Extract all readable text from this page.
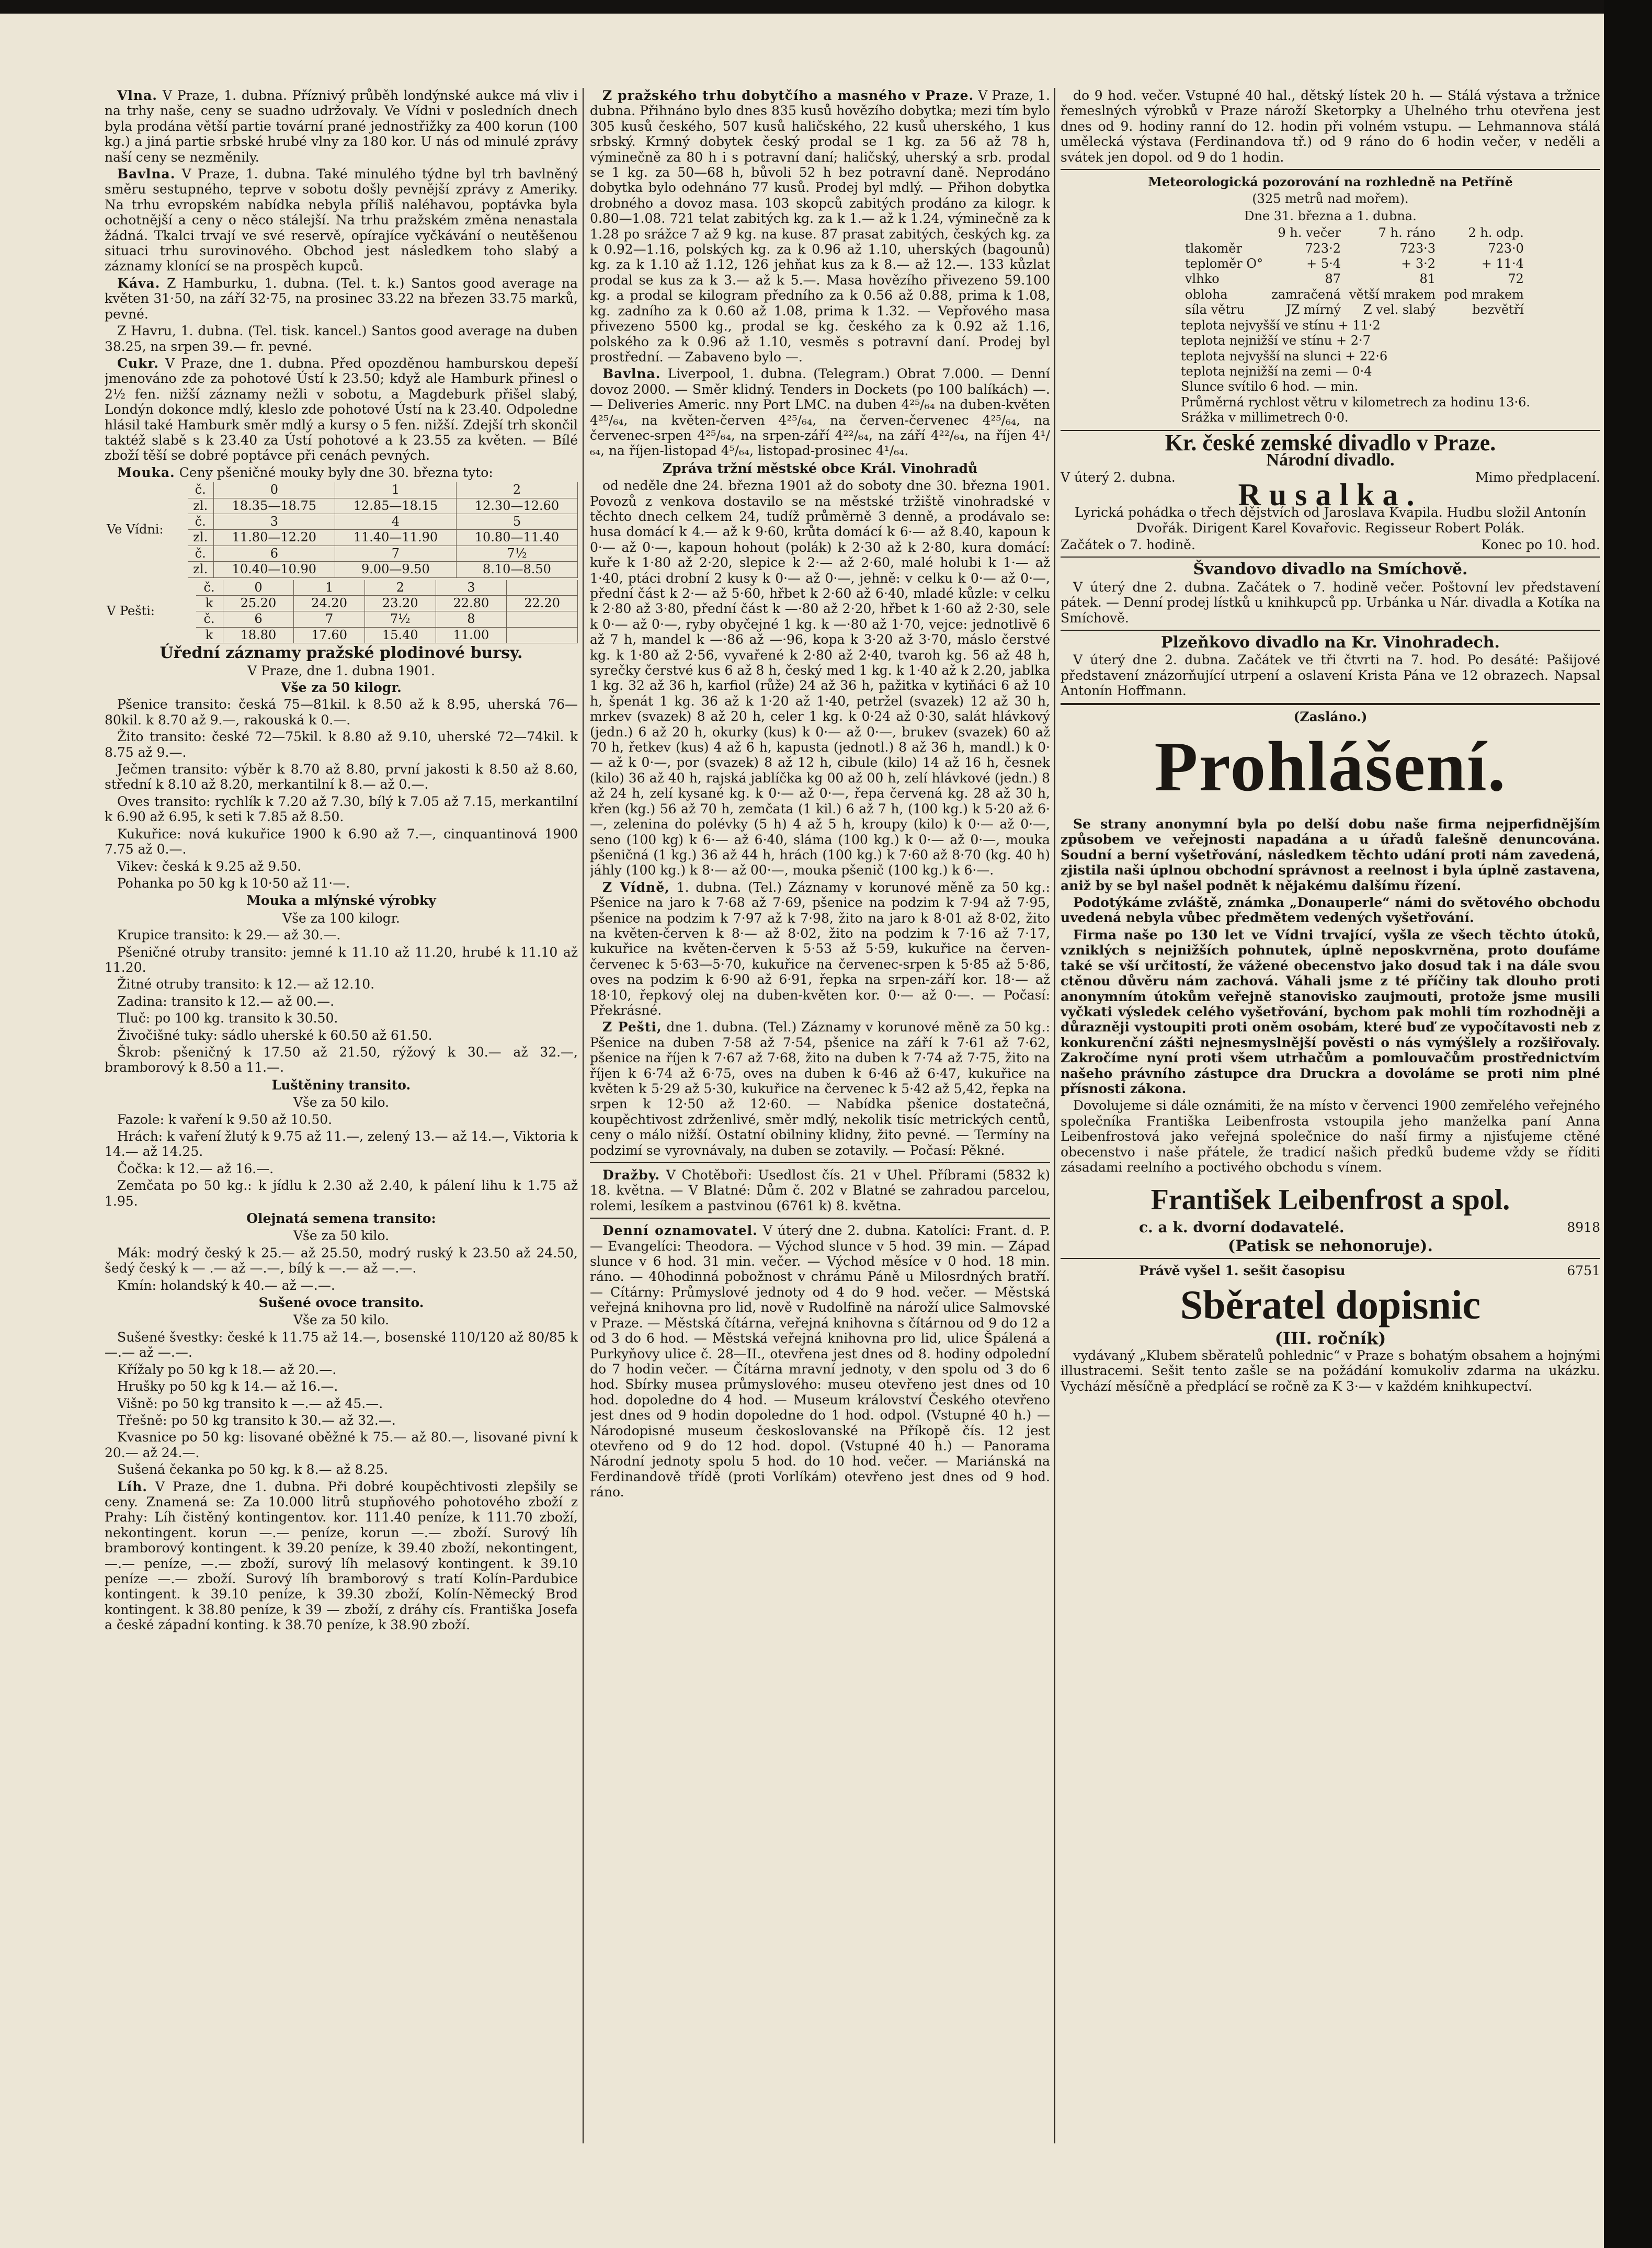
Vlna. V Praze, 1. dubna. Příznivý průběh londýnské aukce má vliv i na trhy naše, ceny se suadno udržovaly. Ve Vídni v posledních dnech byla prodána větší partie tovární prané jednostřižky za 400 korun (100 kg.) a jiná partie srbské hrubé vlny za 180 kor. U nás od minulé zprávy naší ceny se nezměnily.

Bavlna. V Praze, 1. dubna. Také minulého týdne byl trh bavlněný směru sestupného, teprve v sobotu došly pevnější zprávy z Ameriky. Na trhu evropském nabídka nebyla příliš naléhavou, poptávka byla ochotnější a ceny o něco stálejší. Na trhu pražském změna nenastala žádná. Tkalci trvají ve své reservě, opírajíce vyčkávání o neutěšenou situaci trhu surovinového. Obchod jest následkem toho slabý a záznamy klonící se na prospěch kupců.

Káva. Z Hamburku, 1. dubna. (Tel. t. k.) Santos good average na květen 31·50, na září 32·75, na prosinec 33.22 na březen 33.75 marků, pevné.

Z Havru, 1. dubna. (Tel. tisk. kancel.) Santos good average na duben 38.25, na srpen 39.— fr. pevné.

Cukr. V Praze, dne 1. dubna. Před opozděnou hamburskou depeší jmenováno zde za pohotové Ústí k 23.50; když ale Hamburk přinesl o 2½ fen. nižší záznamy nežli v sobotu, a Magdeburk přišel slabý, Londýn dokonce mdlý, kleslo zde pohotové Ústí na k 23.40. Odpoledne hlásil také Hamburk směr mdlý a kursy o 5 fen. nižší. Zdejší trh skončil taktéž slabě s k 23.40 za Ústí pohotové a k 23.55 za květen. — Bílé zboží těší se dobré poptávce při cenách pevných.

Mouka. Ceny pšeničné mouky byly dne 30. března tyto:

Ve Vídni:	č.	0	1	2
	zl.	18.35—18.75	12.85—18.15	12.30—12.60
	č.	3	4	5
	zl.	11.80—12.20	11.40—11.90	10.80—11.40
	č.	6	7	7½
	zl.	10.40—10.90	9.00—9.50	8.10—8.50
V Pešti:	č.	0	1	2	3	
	k	25.20	24.20	23.20	22.80	22.20
	č.	6	7	7½	8	
	k	18.80	17.60	15.40	11.00	

Úřední záznamy pražské plodinové bursy.

V Praze, dne 1. dubna 1901.

Vše za 50 kilogr.

Pšenice transito: česká 75—81kil. k 8.50 až k 8.95, uherská 76—80kil. k 8.70 až 9.—, rakouská k 0.—.

Žito transito: české 72—75kil. k 8.80 až 9.10, uherské 72—74kil. k 8.75 až 9.—.

Ječmen transito: výběr k 8.70 až 8.80, první jakosti k 8.50 až 8.60, střední k 8.10 až 8.20, merkantilní k 8.— až 0.—.

Oves transito: rychlík k 7.20 až 7.30, bílý k 7.05 až 7.15, merkantilní k 6.90 až 6.95, k seti k 7.85 až 8.50.

Kukuřice: nová kukuřice 1900 k 6.90 až 7.—, cinquantinová 1900 7.75 až 0.—.

Vikev: česká k 9.25 až 9.50.

Pohanka po 50 kg k 10·50 až 11·—.

Mouka a mlýnské výrobky

Vše za 100 kilogr.

Krupice transito: k 29.— až 30.—.

Pšeničné otruby transito: jemné k 11.10 až 11.20, hrubé k 11.10 až 11.20.

Žitné otruby transito: k 12.— až 12.10.

Zadina: transito k 12.— až 00.—.

Tluč: po 100 kg. transito k 30.50.

Živočišné tuky: sádlo uherské k 60.50 až 61.50.

Škrob: pšeničný k 17.50 až 21.50, rýžový k 30.— až 32.—, bramborový k 8.50 a 11.—.

Luštěniny transito.

Vše za 50 kilo.

Fazole: k vaření k 9.50 až 10.50.

Hrách: k vaření žlutý k 9.75 až 11.—, zelený 13.— až 14.—, Viktoria k 14.— až 14.25.

Čočka: k 12.— až 16.—.

Zemčata po 50 kg.: k jídlu k 2.30 až 2.40, k pálení lihu k 1.75 až 1.95.

Olejnatá semena transito:

Vše za 50 kilo.

Mák: modrý český k 25.— až 25.50, modrý ruský k 23.50 až 24.50, šedý český k — .— až —.—, bílý k —.— až —.—.

Kmín: holandský k 40.— až —.—.

Sušené ovoce transito.

Vše za 50 kilo.

Sušené švestky: české k 11.75 až 14.—, bosenské 110/120 až 80/85 k —.— až —.—.

Křížaly po 50 kg k 18.— až 20.—.

Hrušky po 50 kg k 14.— až 16.—.

Višně: po 50 kg transito k —.— až 45.—.

Třešně: po 50 kg transito k 30.— až 32.—.

Kvasnice po 50 kg: lisované oběžné k 75.— až 80.—, lisované pivní k 20.— až 24.—.

Sušená čekanka po 50 kg. k 8.— až 8.25.

Líh. V Praze, dne 1. dubna. Při dobré koupěchtivosti zlepšily se ceny. Znamená se: Za 10.000 litrů stupňového pohotového zboží z Prahy: Líh čistěný kontingentov. kor. 111.40 peníze, k 111.70 zboží, nekontingent. korun —.— peníze, korun —.— zboží. Surový líh bramborový kontingent. k 39.20 peníze, k 39.40 zboží, nekontingent, —.— peníze, —.— zboží, surový líh melasový kontingent. k 39.10 peníze —.— zboží. Surový líh bramborový s tratí Kolín-Pardubice kontingent. k 39.10 peníze, k 39.30 zboží, Kolín-Německý Brod kontingent. k 38.80 peníze, k 39 — zboží, z dráhy cís. Františka Josefa a české západní konting. k 38.70 peníze, k 38.90 zboží.

Z pražského trhu dobytčího a masného v Praze. V Praze, 1. dubna. Přihnáno bylo dnes 835 kusů hovězího dobytka; mezi tím bylo 305 kusů českého, 507 kusů haličského, 22 kusů uherského, 1 kus srbský. Krmný dobytek český prodal se 1 kg. za 56 až 78 h, výminečně za 80 h i s potravní daní; haličský, uherský a srb. prodal se 1 kg. za 50—68 h, bůvoli 52 h bez potravní daně. Neprodáno dobytka bylo odehnáno 77 kusů. Prodej byl mdlý. — Přihon dobytka drobného a dovoz masa. 103 skopců zabitých prodáno za kilogr. k 0.80—1.08. 721 telat zabitých kg. za k 1.— až k 1.24, výminečně za k 1.28 po srážce 7 až 9 kg. na kuse. 87 prasat zabitých, českých kg. za k 0.92—1.16, polských kg. za k 0.96 až 1.10, uherských (bagounů) kg. za k 1.10 až 1.12, 126 jehňat kus za k 8.— až 12.—. 133 kůzlat prodal se kus za k 3.— až k 5.—. Masa hovězího přivezeno 59.100 kg. a prodal se kilogram předního za k 0.56 až 0.88, prima k 1.08, kg. zadního za k 0.60 až 1.08, prima k 1.32. — Vepřového masa přivezeno 5500 kg., prodal se kg. českého za k 0.92 až 1.16, polského za k 0.96 až 1.10, vesměs s potravní daní. Prodej byl prostřední. — Zabaveno bylo —.

Bavlna. Liverpool, 1. dubna. (Telegram.) Obrat 7.000. — Denní dovoz 2000. — Směr klidný. Tenders in Dockets (po 100 balíkách) —. — Deliveries Americ. nny Port LMC. na duben 4²⁵/₆₄ na duben-květen 4²⁵/₆₄, na květen-červen 4²⁵/₆₄, na červen-červenec 4²⁵/₆₄, na červenec-srpen 4²⁵/₆₄, na srpen-září 4²²/₆₄, na září 4²²/₆₄, na říjen 4¹/₆₄, na říjen-listopad 4⁵/₆₄, listopad-prosinec 4¹/₆₄.

Zpráva tržní městské obce Král. Vinohradů

od neděle dne 24. března 1901 až do soboty dne 30. března 1901. Povozů z venkova dostavilo se na městské tržiště vinohradské v těchto dnech celkem 24, tudíž průměrně 3 denně, a prodávalo se: husa domácí k 4.— až k 9·60, krůta domácí k 6·— až 8.40, kapoun k 0·— až 0·—, kapoun hohout (polák) k 2·30 až k 2·80, kura domácí: kuře k 1·80 až 2·20, slepice k 2·— až 2·60, malé holubi k 1·— až 1·40, ptáci drobní 2 kusy k 0·— až 0·—, jehně: v celku k 0·— až 0·—, přední část k 2·— až 5·60, hřbet k 2·60 až 6·40, mladé kůzle: v celku k 2·80 až 3·80, přední část k —·80 až 2·20, hřbet k 1·60 až 2·30, sele k 0·— až 0·—, ryby obyčejné 1 kg. k —·80 až 1·70, vejce: jednotlivě 6 až 7 h, mandel k —·86 až —·96, kopa k 3·20 až 3·70, máslo čerstvé kg. k 1·80 až 2·56, vyvařené k 2·80 až 2·40, tvaroh kg. 56 až 48 h, syrečky čerstvé kus 6 až 8 h, český med 1 kg. k 1·40 až k 2.20, jablka 1 kg. 32 až 36 h, karfiol (růže) 24 až 36 h, pažitka v kytiňáci 6 až 10 h, špenát 1 kg. 36 až k 1·20 až 1·40, petržel (svazek) 12 až 30 h, mrkev (svazek) 8 až 20 h, celer 1 kg. k 0·24 až 0·30, salát hlávkový (jedn.) 6 až 20 h, okurky (kus) k 0·— až 0·—, brukev (svazek) 60 až 70 h, řetkev (kus) 4 až 6 h, kapusta (jednotl.) 8 až 36 h, mandl.) k 0·— až k 0·—, por (svazek) 8 až 12 h, cibule (kilo) 14 až 16 h, česnek (kilo) 36 až 40 h, rajská jablíčka kg 00 až 00 h, zelí hlávkové (jedn.) 8 až 24 h, zelí kysané kg. k 0·— až 0·—, řepa červená kg. 28 až 30 h, křen (kg.) 56 až 70 h, zemčata (1 kil.) 6 až 7 h, (100 kg.) k 5·20 až 6·—, zelenina do polévky (5 h) 4 až 5 h, kroupy (kilo) k 0·— až 0·—, seno (100 kg) k 6·— až 6·40, sláma (100 kg.) k 0·— až 0·—, mouka pšeničná (1 kg.) 36 až 44 h, hrách (100 kg.) k 7·60 až 8·70 (kg. 40 h) jáhly (100 kg.) k 8·— až 00·—, mouka pšenič (100 kg.) k 6·—.

Z Vídně, 1. dubna. (Tel.) Záznamy v korunové měně za 50 kg.: Pšenice na jaro k 7·68 až 7·69, pšenice na podzim k 7·94 až 7·95, pšenice na podzim k 7·97 až k 7·98, žito na jaro k 8·01 až 8·02, žito na květen-červen k 8·— až 8·02, žito na podzim k 7·16 až 7·17, kukuřice na květen-červen k 5·53 až 5·59, kukuřice na červen-červenec k 5·63—5·70, kukuřice na červenec-srpen k 5·85 až 5·86, oves na podzim k 6·90 až 6·91, řepka na srpen-září kor. 18·— až 18·10, řepkový olej na duben-květen kor. 0·— až 0·—. — Počasí: Překrásné.

Z Pešti, dne 1. dubna. (Tel.) Záznamy v korunové měně za 50 kg.: Pšenice na duben 7·58 až 7·54, pšenice na září k 7·61 až 7·62, pšenice na říjen k 7·67 až 7·68, žito na duben k 7·74 až 7·75, žito na říjen k 6·74 až 6·75, oves na duben k 6·46 až 6·47, kukuřice na květen k 5·29 až 5·30, kukuřice na červenec k 5·42 až 5,42, řepka na srpen k 12·50 až 12·60. — Nabídka pšenice dostatečná, koupěchtivost zdrženlivé, směr mdlý, nekolik tisíc metrických centů, ceny o málo nižší. Ostatní obilniny klidny, žito pevné. — Termíny na podzimí se vyrovnávaly, na duben se zotavily. — Počasí: Pěkné.

Dražby. V Chotěboři: Usedlost čís. 21 v Uhel. Příbrami (5832 k) 18. května. — V Blatné: Dům č. 202 v Blatné se zahradou parcelou, rolemi, lesíkem a pastvinou (6761 k) 8. května.

Denní oznamovatel. V úterý dne 2. dubna. Katolíci: Frant. d. P. — Evangelíci: Theodora. — Východ slunce v 5 hod. 39 min. — Západ slunce v 6 hod. 31 min. večer. — Východ měsíce v 0 hod. 18 min. ráno. — 40hodinná pobožnost v chrámu Páně u Milosrdných bratří. — Cítárny: Průmyslové jednoty od 4 do 9 hod. večer. — Městská veřejná knihovna pro lid, nově v Rudolfině na nároží ulice Salmovské v Praze. — Městská čítárna, veřejná knihovna s čítárnou od 9 do 12 a od 3 do 6 hod. — Městská veřejná knihovna pro lid, ulice Špálená a Purkyňovy ulice č. 28—II., otevřena jest dnes od 8. hodiny odpolední do 7 hodin večer. — Čítárna mravní jednoty, v den spolu od 3 do 6 hod. Sbírky musea průmyslového: museu otevřeno jest dnes od 10 hod. dopoledne do 4 hod. — Museum království Českého otevřeno jest dnes od 9 hodin dopoledne do 1 hod. odpol. (Vstupné 40 h.) — Národopisné museum českoslovanské na Příkopě čís. 12 jest otevřeno od 9 do 12 hod. dopol. (Vstupné 40 h.) — Panorama Národní jednoty spolu 5 hod. do 10 hod. večer. — Mariánská na Ferdinandově třídě (proti Vorlíkám) otevřeno jest dnes od 9 hod. ráno.

do 9 hod. večer. Vstupné 40 hal., dětský lístek 20 h. — Stálá výstava a tržnice řemeslných výrobků v Praze nároží Sketorpky a Uhelného trhu otevřena jest dnes od 9. hodiny ranní do 12. hodin při volném vstupu. — Lehmannova stálá umělecká výstava (Ferdinandova tř.) od 9 ráno do 6 hodin večer, v neděli a svátek jen dopol. od 9 do 1 hodin.

Meteorologická pozorování na rozhledně na Petříně

(325 metrů nad mořem).

Dne 31. března a 1. dubna.

	9 h. večer	7 h. ráno	2 h. odp.
tlakoměr	723·2	723·3	723·0
teploměr O°	+ 5·4	+ 3·2	+ 11·4
vlhko	87	81	72
obloha	zamračená	větší mrakem	pod mrakem
síla větru	JZ mírný	Z vel. slabý	bezvětří
teplota nejvyšší ve stínu + 11·2
teplota nejnižší ve stínu + 2·7
teplota nejvyšší na slunci + 22·6
teplota nejnižší na zemi — 0·4
Slunce svítilo 6 hod. — min.
Průměrná rychlost větru v kilometrech za hodinu 13·6.
Srážka v millimetrech 0·0.

Kr. české zemské divadlo v Praze.

Národní divadlo.

V úterý 2. dubna.	Mimo předplacení.

Rusalka.

Lyrická pohádka o třech dějstvích od Jaroslava Kvapila. Hudbu složil Antonín Dvořák. Dirigent Karel Kovařovic. Regisseur Robert Polák.

Začátek o 7. hodině.	Konec po 10. hod.

Švandovo divadlo na Smíchově.

V úterý dne 2. dubna. Začátek o 7. hodině večer. Poštovní lev představení pátek. — Denní prodej lístků u knihkupců pp. Urbánka u Nár. divadla a Kotíka na Smíchově.

Plzeňkovo divadlo na Kr. Vinohradech.

V úterý dne 2. dubna. Začátek ve tři čtvrti na 7. hod. Po desáté: Pašijové představení znázorňující utrpení a oslavení Krista Pána ve 12 obrazech. Napsal Antonín Hoffmann.

(Zasláno.)

Prohlášení.

Se strany anonymní byla po delší dobu naše firma nejperfidnějším způsobem ve veřejnosti napadána a u úřadů falešně denuncována. Soudní a berní vyšetřování, následkem těchto udání proti nám zavedená, zjistila naši úplnou obchodní správnost a reelnost i byla úplně zastavena, aniž by se byl našel podnět k nějakému dalšímu řízení.

Podotýkáme zvláště, známka „Donauperle“ námi do světového obchodu uvedená nebyla vůbec předmětem vedených vyšetřování.

Firma naše po 130 let ve Vídni trvající, vyšla ze všech těchto útoků, vzniklých s nejnižších pohnutek, úplně neposkvrněna, proto doufáme také se vší určitostí, že vážené obecenstvo jako dosud tak i na dále svou ctěnou důvěru nám zachová. Váhali jsme z té příčiny tak dlouho proti anonymním útokům veřejně stanovisko zaujmouti, protože jsme musili vyčkati výsledek celého vyšetřování, bychom pak mohli tím rozhodněji a důrazněji vystoupiti proti oněm osobám, které buď ze vypočítavosti neb z konkurenční zášti nejnesmyslnější pověsti o nás vymýšlely a rozšiřovaly. Zakročíme nyní proti všem utrhačům a pomlouvačům prostřednictvím našeho právního zástupce dra Druckra a dovoláme se proti nim plné přísnosti zákona.

Dovolujeme si dále oznámiti, že na místo v červenci 1900 zemřelého veřejného společníka Františka Leibenfrosta vstoupila jeho manželka paní Anna Leibenfrostová jako veřejná společnice do naší firmy a njisťujeme ctěné obecenstvo i naše přátele, že tradicí našich předků budeme vždy se říditi zásadami reelního a poctivého obchodu s vínem.

František Leibenfrost a spol.

c. a k. dvorní dodavatelé.	8918

(Patisk se nehonoruje).

Právě vyšel 1. sešit časopisu	6751

Sběratel dopisnic

(III. ročník)

vydávaný „Klubem sběratelů pohlednic“ v Praze s bohatým obsahem a hojnými illustracemi. Sešit tento zašle se na požádání komukoliv zdarma na ukázku. Vychází měsíčně a předplácí se ročně za K 3·— v každém knihkupectví.
